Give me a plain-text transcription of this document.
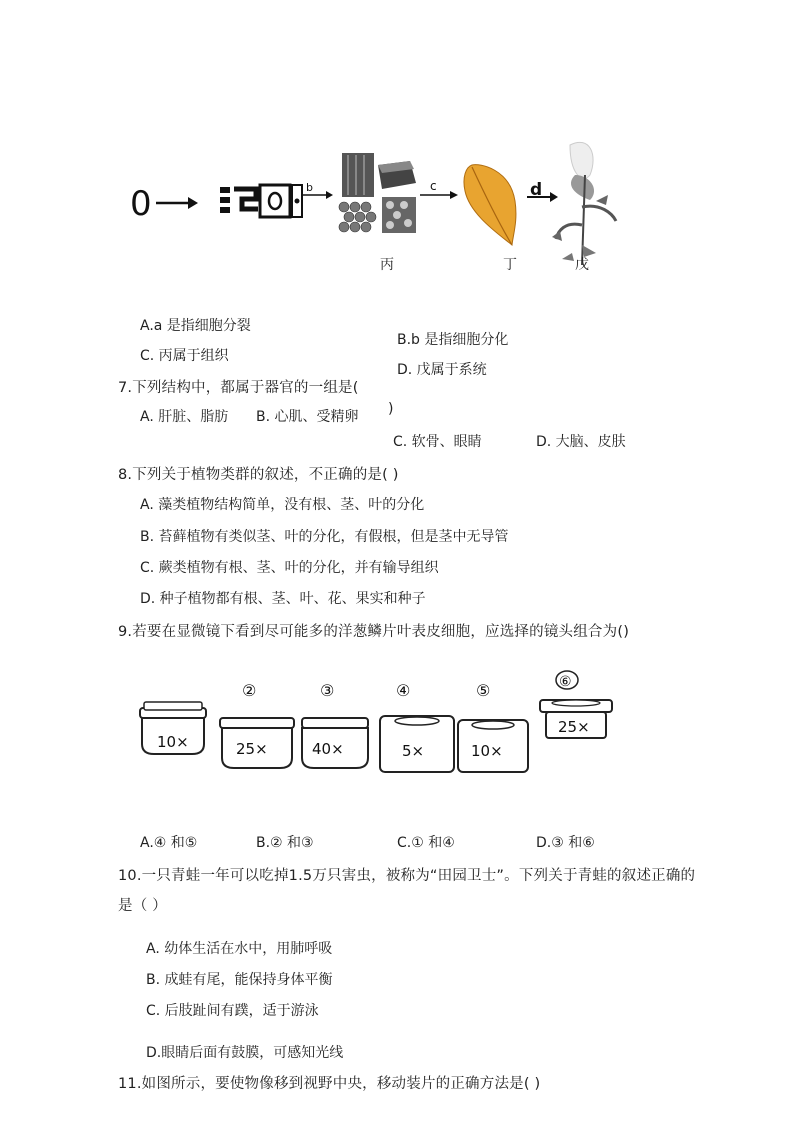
0	b	c	d
丙	丁	戊
A.a 是指细胞分裂
B.b 是指细胞分化
C. 丙属于组织
D. 戊属于系统
7.下列结构中，都属于器官的一组是(
A. 肝脏、脂肪 B. 心肌、受精卵 )
C. 软骨、眼睛	D. 大脑、皮肤
8.下列关于植物类群的叙述，不正确的是( )
A. 藻类植物结构简单，没有根、茎、叶的分化
B. 苔藓植物有类似茎、叶的分化，有假根，但是茎中无导管
C. 蕨类植物有根、茎、叶的分化，并有输导组织
D. 种子植物都有根、茎、叶、花、果实和种子
9.若要在显微镜下看到尽可能多的洋葱鳞片叶表皮细胞，应选择的镜头组合为()
10×
②
25×
③
40×
④
5×
⑤
10×
⑥
25×
A.④ 和⑤	B.② 和③	C.① 和④	D.③ 和⑥
10.一只青蛙一年可以吃掉1.5万只害虫，被称为“田园卫士”。下列关于青蛙的叙述正确的
是（ ）
A. 幼体生活在水中，用肺呼吸
B. 成蛙有尾，能保持身体平衡
C. 后肢趾间有蹼，适于游泳
D.眼睛后面有鼓膜，可感知光线
11.如图所示，要使物像移到视野中央，移动装片的正确方法是( )
